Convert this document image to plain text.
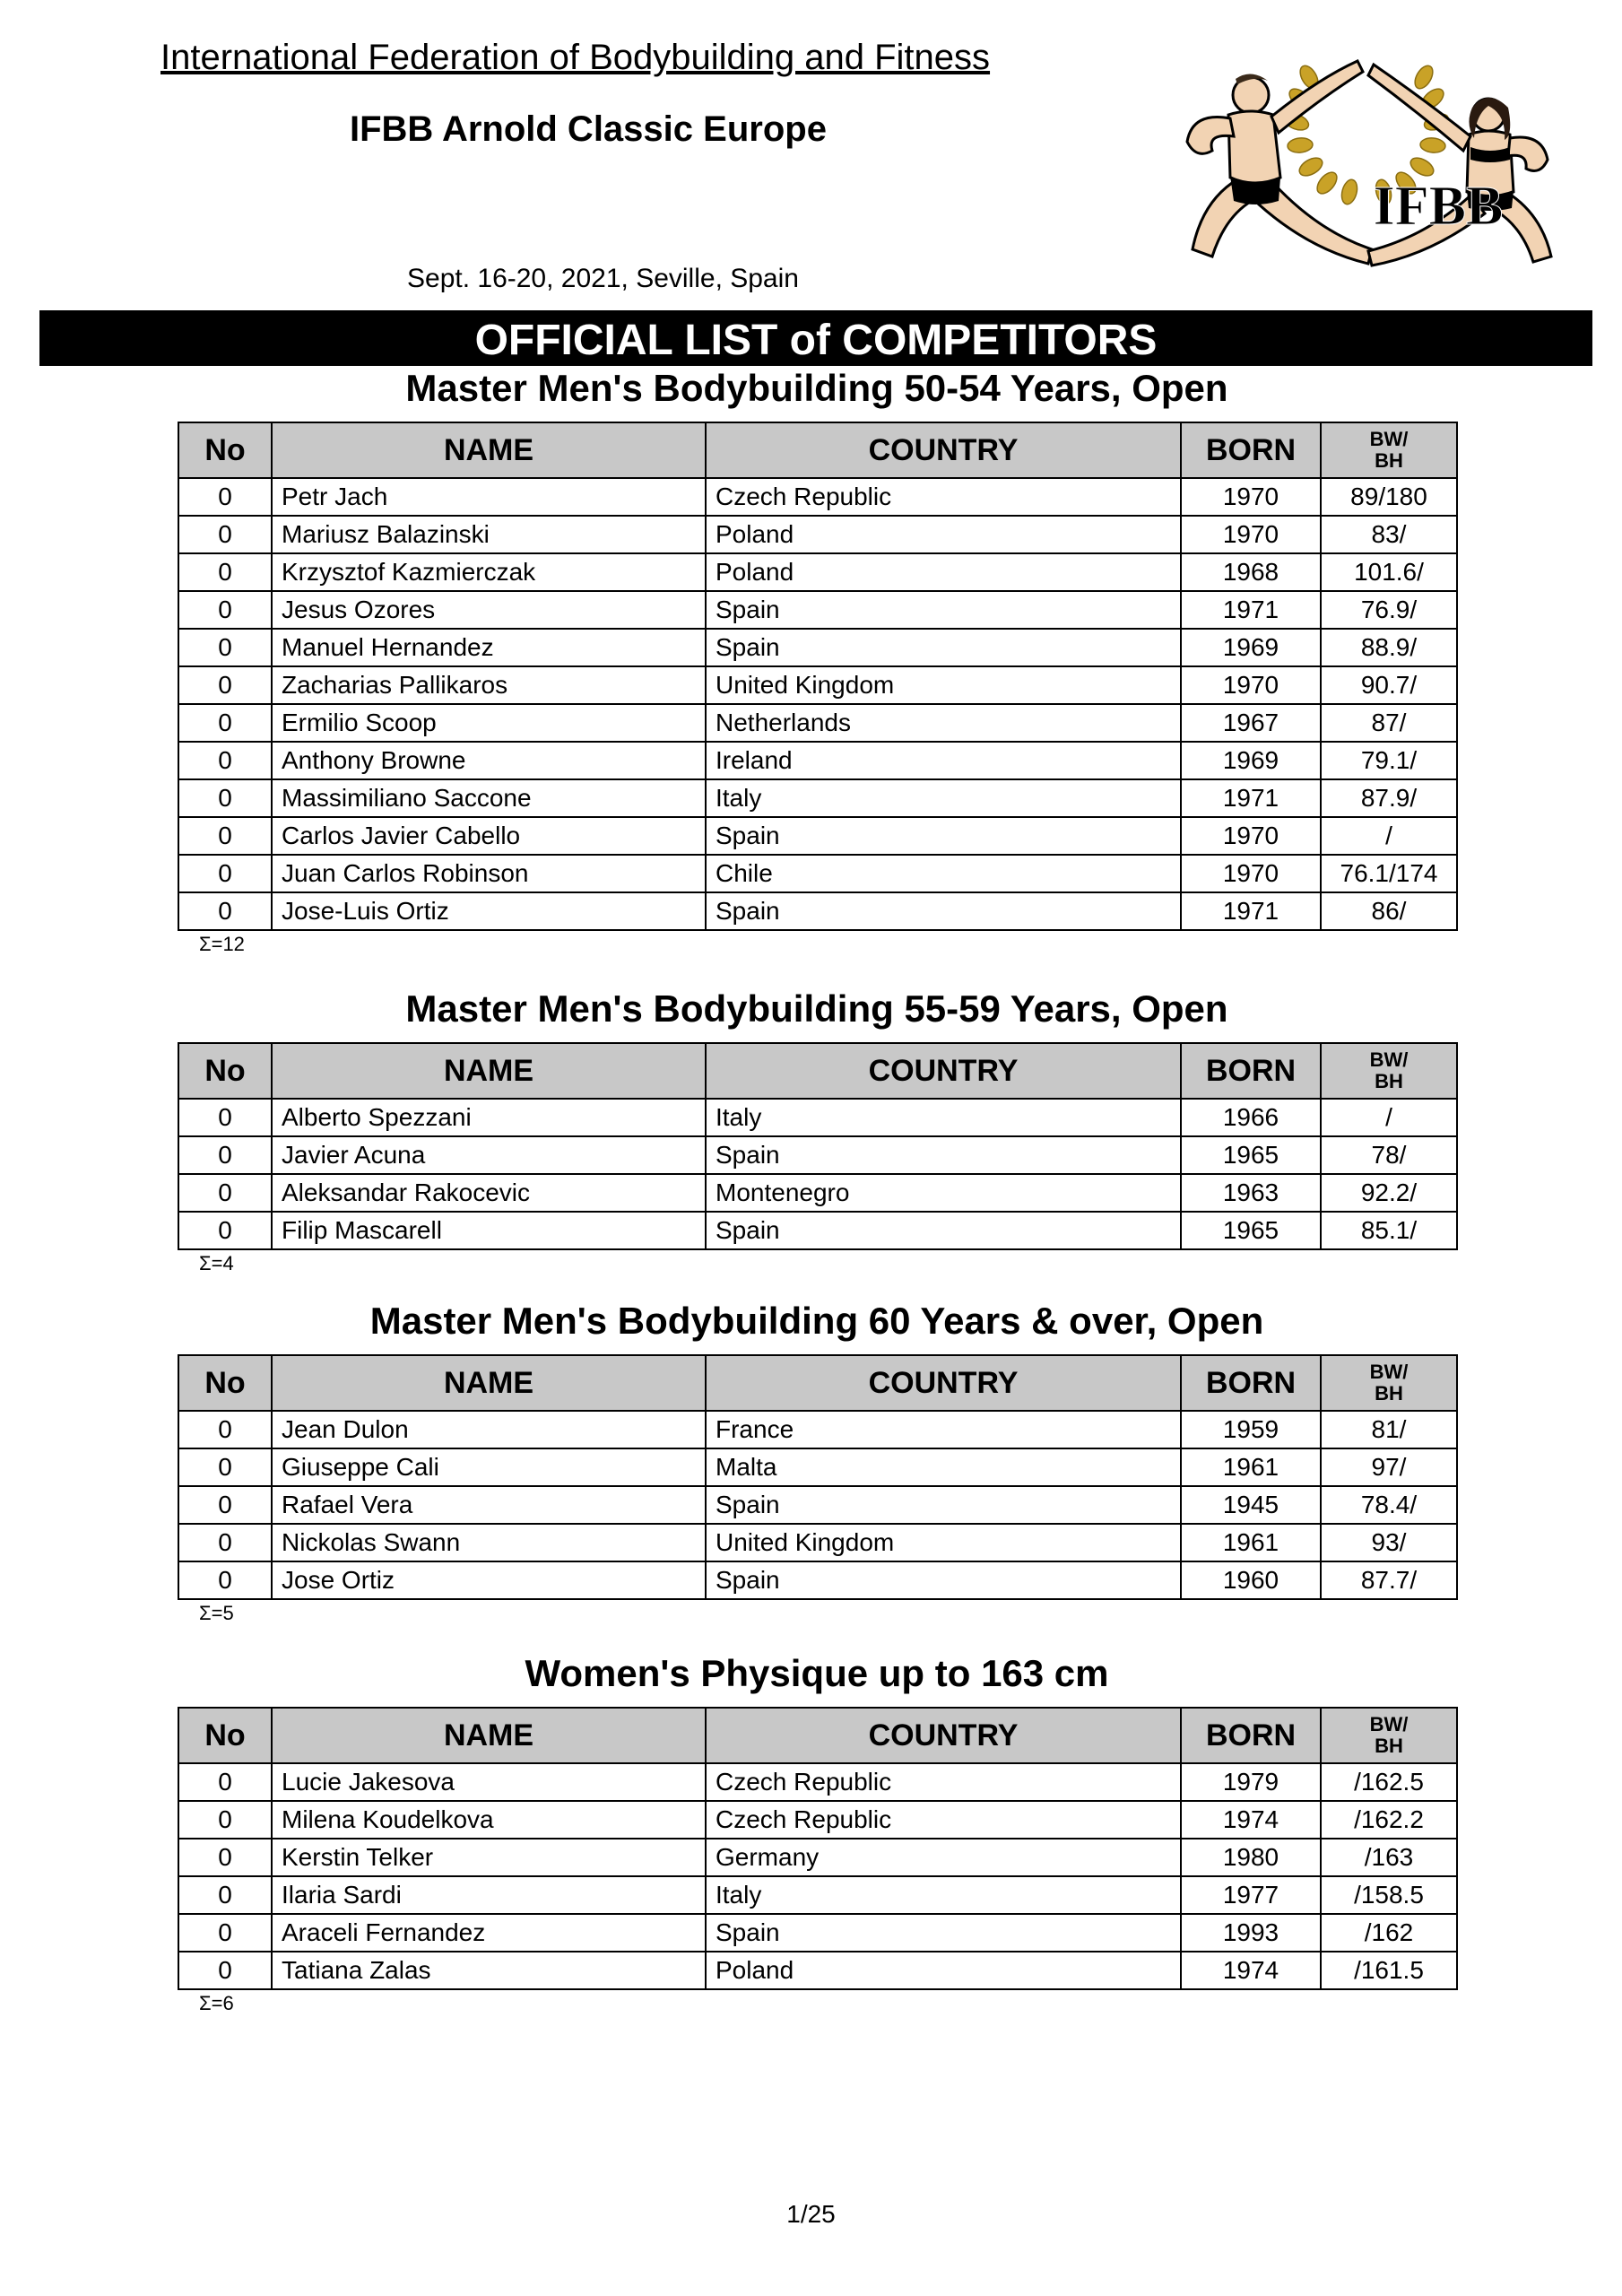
International Federation of Bodybuilding and Fitness
IFBB Arnold Classic Europe
Sept. 16-20, 2021, Seville, Spain
IFBB
OFFICIAL LIST of COMPETITORS
Master Men's Bodybuilding 50-54 Years, Open
No	NAME	COUNTRY	BORN	BW/
BH

0	Petr Jach	Czech Republic	1970	89/180
0	Mariusz Balazinski	Poland	1970	83/
0	Krzysztof Kazmierczak	Poland	1968	101.6/
0	Jesus Ozores	Spain	1971	76.9/
0	Manuel Hernandez	Spain	1969	88.9/
0	Zacharias Pallikaros	United Kingdom	1970	90.7/
0	Ermilio Scoop	Netherlands	1967	87/
0	Anthony Browne	Ireland	1969	79.1/
0	Massimiliano Saccone	Italy	1971	87.9/
0	Carlos Javier Cabello	Spain	1970	/
0	Juan Carlos Robinson	Chile	1970	76.1/174
0	Jose-Luis Ortiz	Spain	1971	86/
Σ=12
Master Men's Bodybuilding 55-59 Years, Open
No	NAME	COUNTRY	BORN	BW/
BH

0	Alberto Spezzani	Italy	1966	/
0	Javier Acuna	Spain	1965	78/
0	Aleksandar Rakocevic	Montenegro	1963	92.2/
0	Filip Mascarell	Spain	1965	85.1/
Σ=4
Master Men's Bodybuilding 60 Years & over, Open
No	NAME	COUNTRY	BORN	BW/
BH

0	Jean Dulon	France	1959	81/
0	Giuseppe Cali	Malta	1961	97/
0	Rafael Vera	Spain	1945	78.4/
0	Nickolas Swann	United Kingdom	1961	93/
0	Jose Ortiz	Spain	1960	87.7/
Σ=5
Women's Physique up to 163 cm
No	NAME	COUNTRY	BORN	BW/
BH

0	Lucie Jakesova	Czech Republic	1979	/162.5
0	Milena Koudelkova	Czech Republic	1974	/162.2
0	Kerstin Telker	Germany	1980	/163
0	Ilaria Sardi	Italy	1977	/158.5
0	Araceli Fernandez	Spain	1993	/162
0	Tatiana Zalas	Poland	1974	/161.5
Σ=6
1/25
